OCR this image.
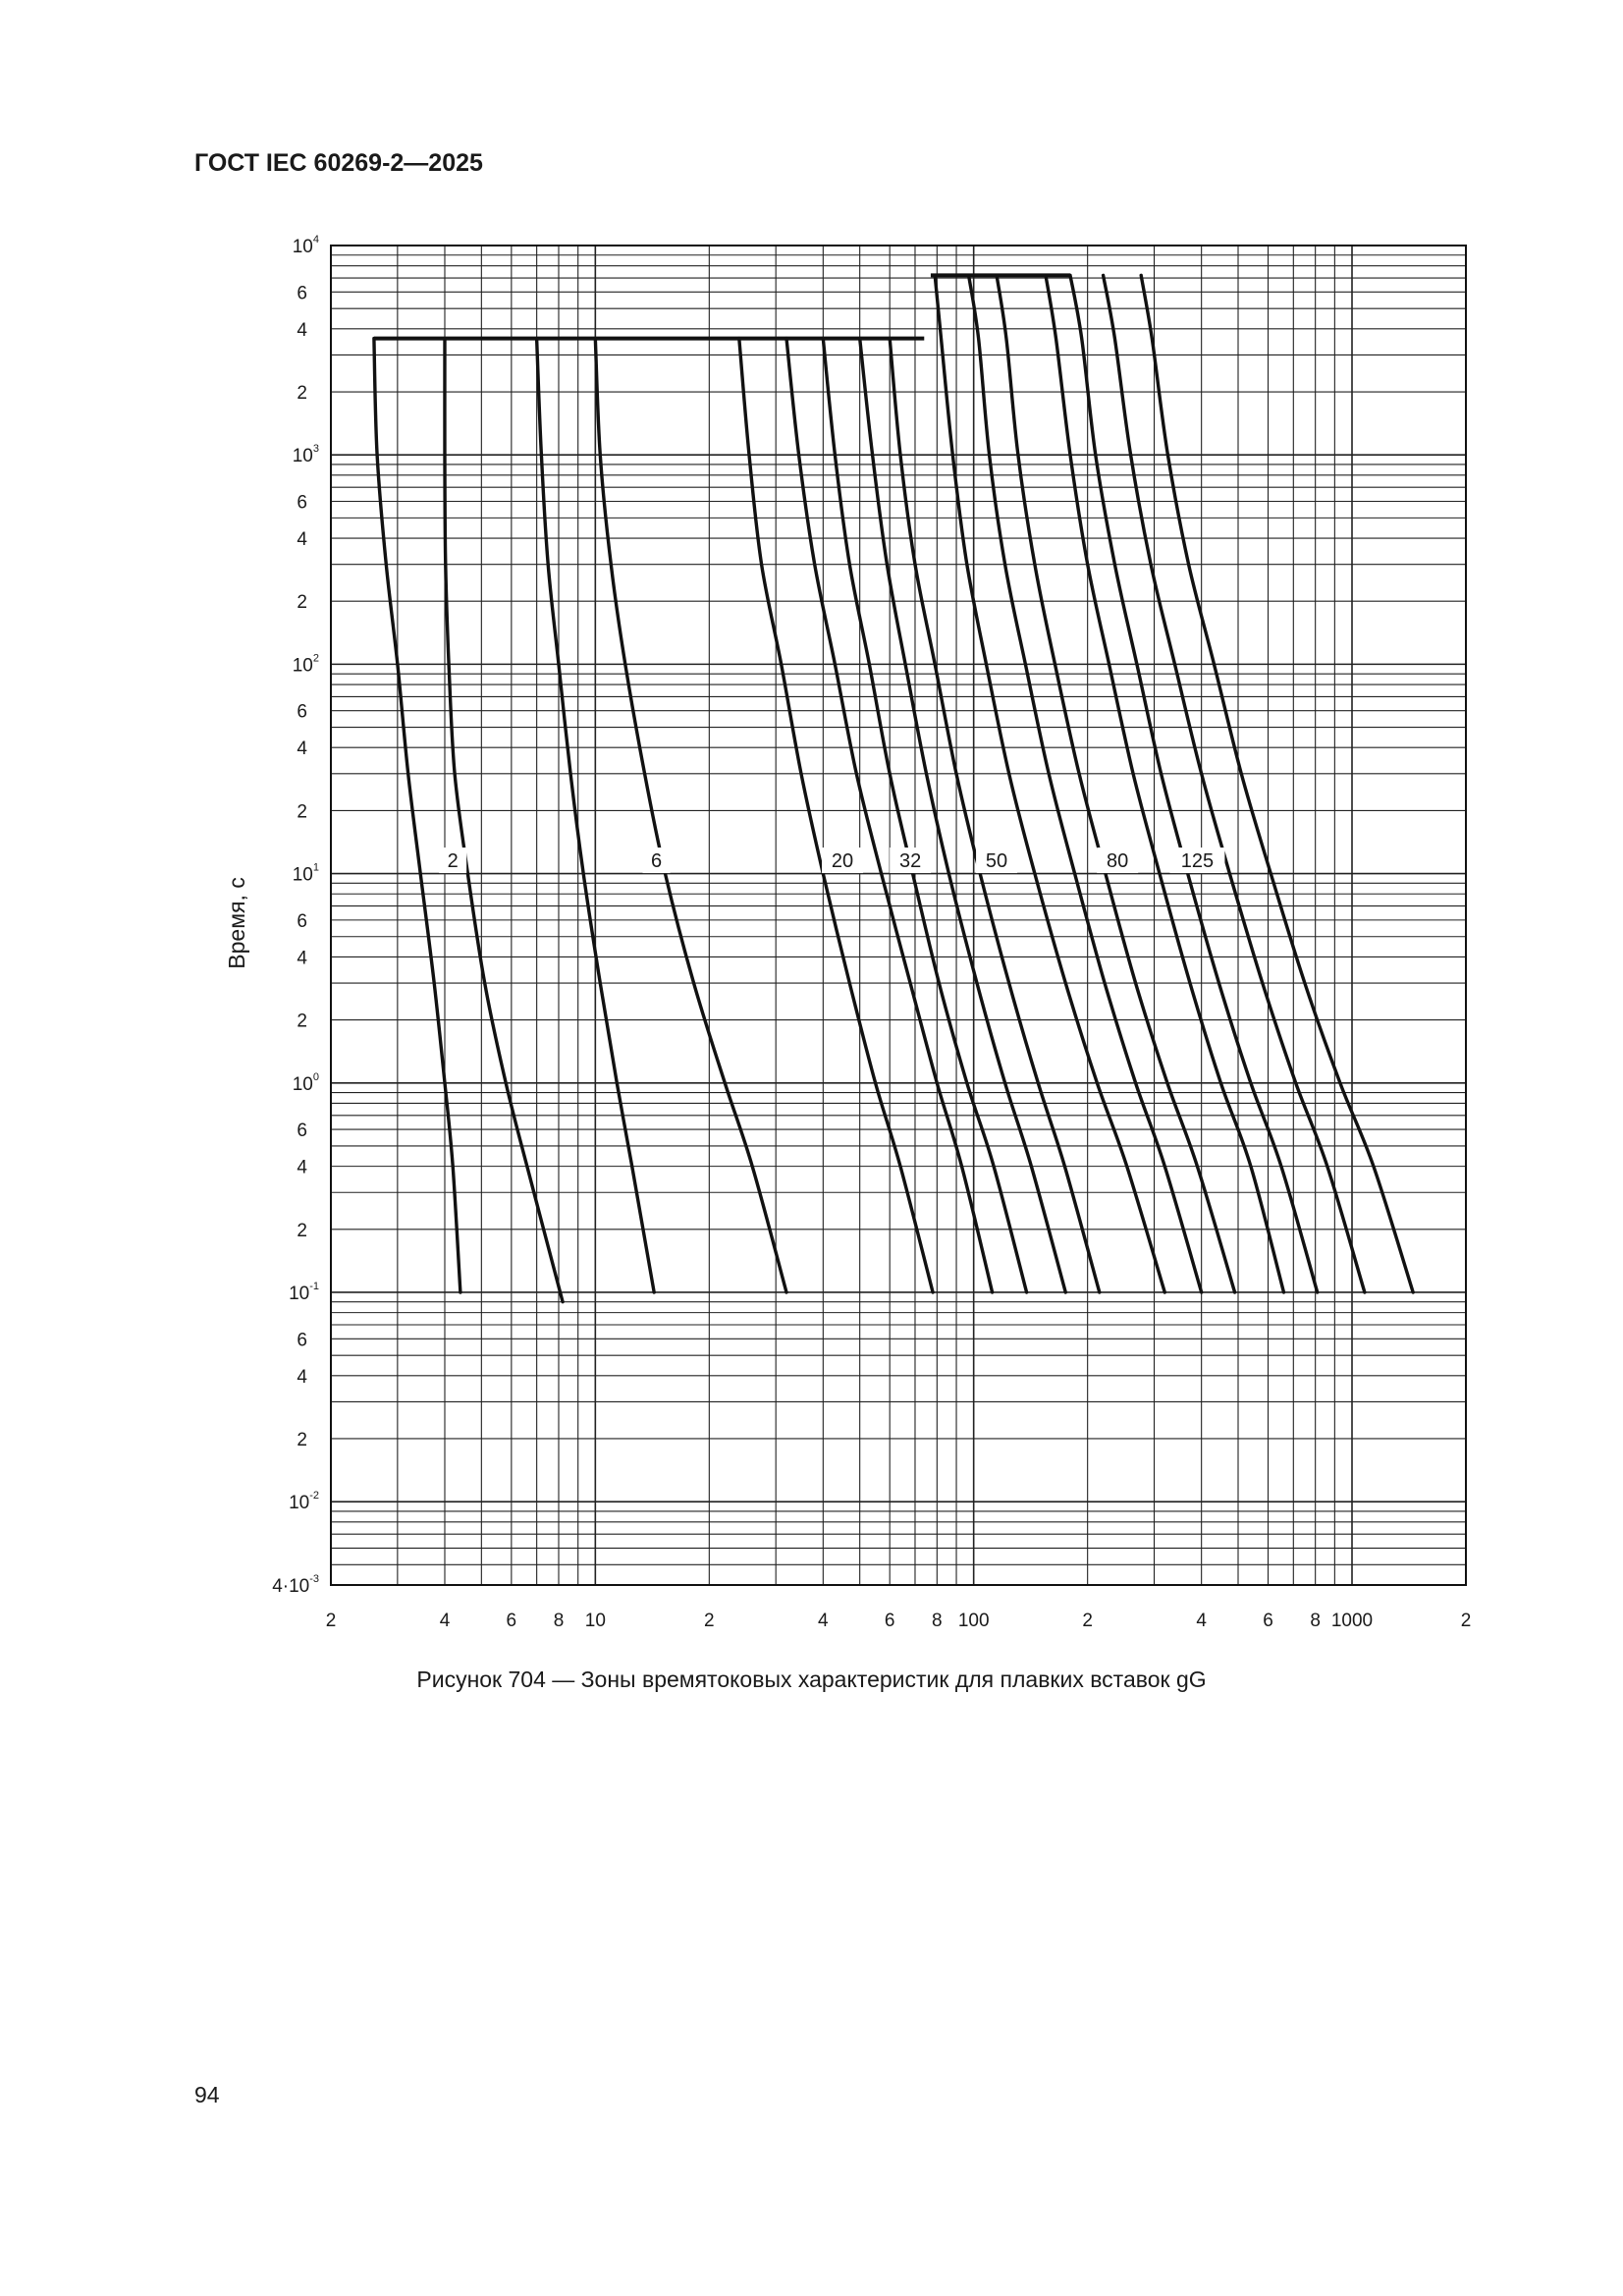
ГОСТ IEC 60269-2—2025
2	6	20 32	50	80	125
2	4	6 8 10	2	4	6 8 100	2	4	6 8 1000	2
$10^4$
6
4
2
$10^3$
6
4
2
$10^2$
6
4
2
$10^1$
6
4
2
$10^0$
6
4
2
$10^{-1}$
6
4
2
$10^{-2}$
$4\cdot 10^{-3}$
Время, с
Рисунок 704 — Зоны времятоковых характеристик для плавких вставок gG
94
